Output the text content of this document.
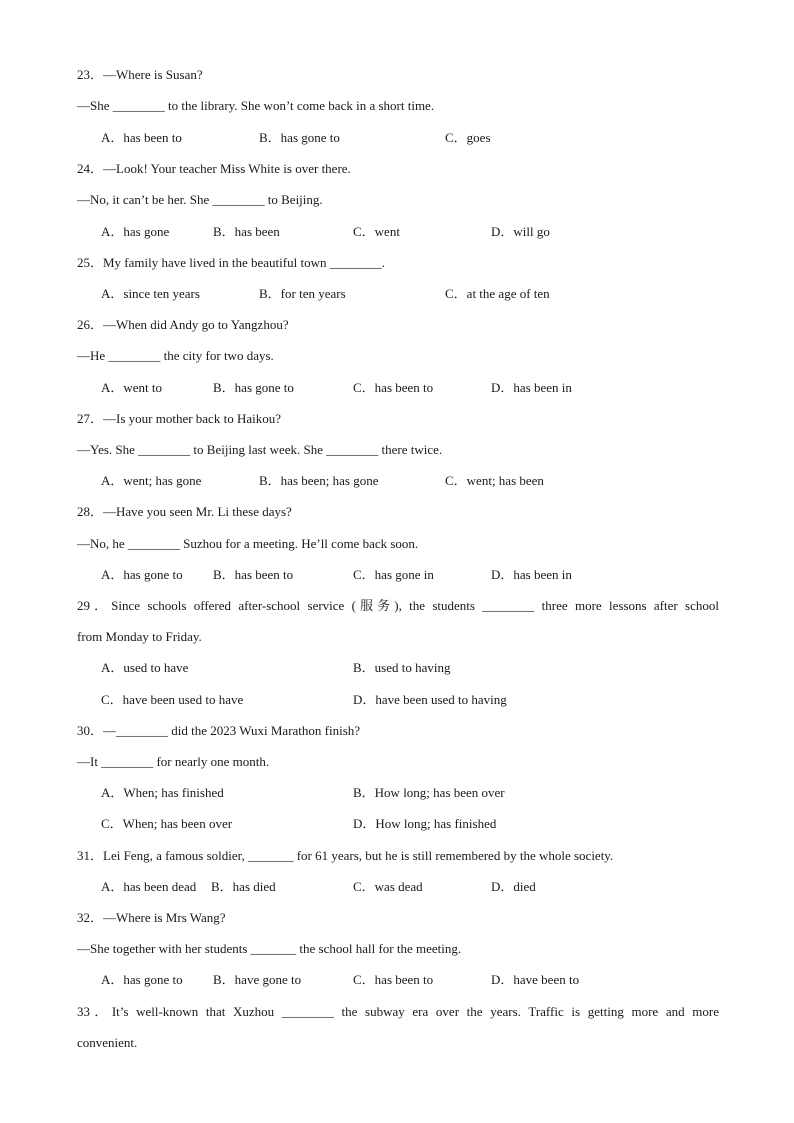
23．—Where is Susan?
—She ________ to the library. She won’t come back in a short time.
A．has been to	B．has gone to	C．goes
24．—Look! Your teacher Miss White is over there.
—No, it can’t be her. She ________ to Beijing.
A．has gone	B．has been	C．went	D．will go
25．My family have lived in the beautiful town ________.
A．since ten years	B．for ten years	C．at the age of ten
26．—When did Andy go to Yangzhou?
—He ________ the city for two days.
A．went to	B．has gone to	C．has been to	D．has been in
27．—Is your mother back to Haikou?
—Yes. She ________ to Beijing last week. She ________ there twice.
A．went; has gone	B．has been; has gone	C．went; has been
28．—Have you seen Mr. Li these days?
—No, he ________ Suzhou for a meeting. He’ll come back soon.
A．has gone to B．has been to	C．has gone in	D．has been in
29．Since schools offered after-school service (服务), the students ________ three more lessons after school
from Monday to Friday.
A．used to have	B．used to having
C．have been used to have	D．have been used to having
30．—________ did the 2023 Wuxi Marathon finish?
—It ________ for nearly one month.
A．When; has finished	B．How long; has been over
C．When; has been over	D．How long; has finished
31．Lei Feng, a famous soldier, _______ for 61 years, but he is still remembered by the whole society.
A．has been dead B．has died	C．was dead	D．died
32．—Where is Mrs Wang?
—She together with her students _______ the school hall for the meeting.
A．has gone to B．have gone to	C．has been to	D．have been to
33．It’s well-known that Xuzhou ________ the subway era over the years. Traffic is getting more and more
convenient.
